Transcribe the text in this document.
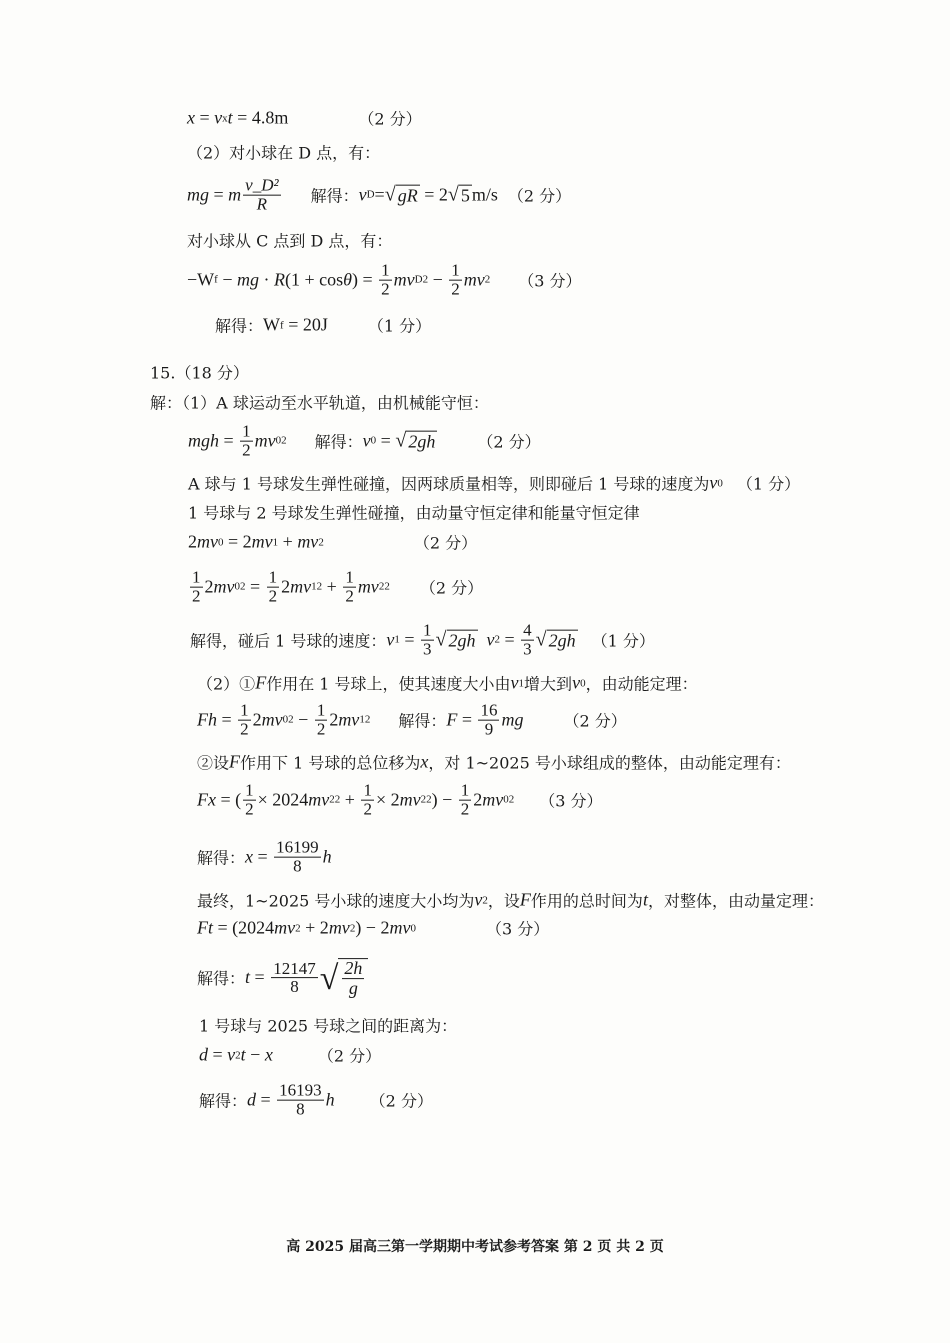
x = v x t = 4.8m	（2 分）
（2）对小球在 D 点，有：
mg = m $\frac{\text{v\_D²}}{R}$ 解得： v D = √ gR = 2 √ 5 m/s （2 分）
对小球从 C 点到 D 点，有：
−W f − mg · R (1 + cos θ ) = $\frac{1}{2}$ mv D $2 - \frac{1}{2}$ mv 2 （3 分）
解得： W f = 20J	（1 分）
15.（18 分）
解：（1）A 球运动至水平轨道，由机械能守恒：
mgh = $\frac{1}{2}$ mv 0 2 解得： v 0 = √ 2gh	（2 分）
A 球与 1 号球发生弹性碰撞，因两球质量相等，则即碰后 1 号球的速度为 v 0 （1 分）
1 号球与 2 号球发生弹性碰撞，由动量守恒定律和能量守恒定律
2 mv 0 = 2 mv 1 + mv 2	（2 分）
$\frac{1}{2} 2$ mv 0 $2 = \frac{1}{2} 2$ mv 1 $2 + \frac{1}{2}$ mv 2 2 （2 分）
解得，碰后 1 号球的速度： v $1 = \frac{1}{3}$ √ 2gh
v $2 = \frac{4}{3}$ √ 2gh （1 分）
（2）① F 作用在 1 号球上，使其速度大小由 v 1 增大到 v 0 ，由动能定理：
$Fh = \frac{1}{2} 2$ mv 0 $2 - \frac{1}{2} 2$ mv 1 2 解得： $F = \frac{16}{9}$ mg	（2 分）
②设 F 作用下 1 号球的总位移为 x ，对 1~2025 号小球组成的整体，由动能定理有：
Fx = ( $\frac{1}{2} \times 2024$ mv 2 $2 + \frac{1}{2} \times 2$ mv 2 2 ) − $\frac{1}{2} 2$ mv 0 2 （3 分）
解得： $x = \frac{16199}{8}$ h
最终，1~2025 号小球的速度大小均为 v 2 ，设 F 作用的总时间为 t ，对整体，由动量定理：
Ft = (2024 mv 2 + 2 mv 2 ) − 2 mv 0	（3 分）
解得： $t = \frac{12147}{8}$ √ $\frac{2h}{g}$
1 号球与 2025 号球之间的距离为：
d = v 2 t − x	（2 分）
解得： $d = \frac{16193}{8}$ h （2 分）
高 2025 届高三第一学期期中考试参考答案 第 2 页 共 2 页
